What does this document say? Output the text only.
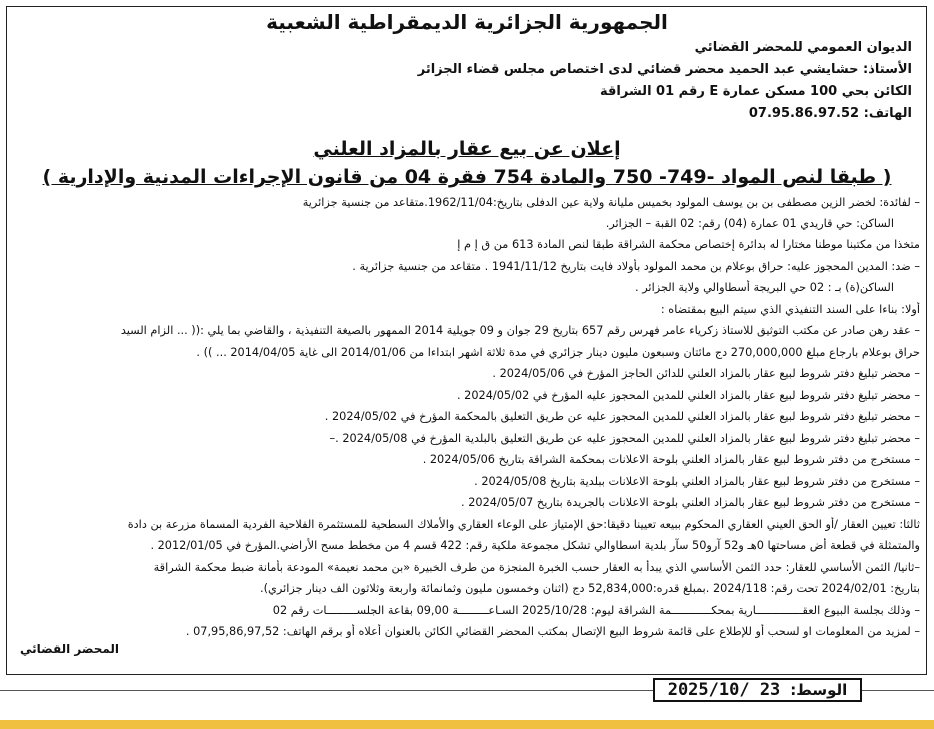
الجمهورية الجزائرية الديمقراطية الشعبية
الديوان العمومي للمحضر القضائي
الأستاذ: حشايشي عبد الحميد محضر قضائي لدى اختصاص مجلس قضاء الجزائر
الكائن بحي 100 مسكن عمارة E رقم 01 الشراقة
الهاتف: 07.95.86.97.52
إعلان عن بيع عقار بالمزاد العلني
( طبقا لنص المواد -749- 750 والمادة 754 فقرة 04 من قانون الإجراءات المدنية والإدارية )
– لفائدة: لخضر الزين مصطفى بن بن يوسف المولود بخميس مليانة ولاية عين الدفلى بتاريخ:1962/11/04.متقاعد من جنسية جزائرية
الساكن: حي قاريدي 01 عمارة (04) رقم: 02 القبة – الجزائر.
متخذا من مكتبنا موطنا مختارا له بدائرة إختصاص محكمة الشراقة طبقا لنص المادة 613 من ق إ م إ
– ضد: المدين المحجوز عليه: حراق بوعلام بن محمد المولود بأولاد فايت بتاريخ 1941/11/12 . متقاعد من جنسية جزائرية .
الساكن(ة) بـ : 02 حي البريجة أسطاوالي ولاية الجزائر .
أولا: بناءا على السند التنفيذي الذي سيتم البيع بمقتضاه :
– عقد رهن صادر عن مكتب التوثيق للاستاذ زكرياء عامر فهرس رقم 657 بتاريخ 29 جوان و 09 جويلية 2014 الممهور بالصيغة التنفيذية ، والقاضي بما يلي :(( ... الزام السيد
حراق بوعلام بارجاع مبلغ 270,000,000 دج مائتان وسبعون مليون دينار جزائري في مدة ثلاثة اشهر ابتداءا من 2014/01/06 الى غاية 2014/04/05 ... )) .
– محضر تبليغ دفتر شروط لبيع عقار بالمزاد العلني للدائن الحاجز المؤرخ في 2024/05/06 .
– محضر تبليغ دفتر شروط لبيع عقار بالمزاد العلني للمدين المحجوز عليه المؤرخ في 2024/05/02 .
– محضر تبليغ دفتر شروط لبيع عقار بالمزاد العلني للمدين المحجوز عليه عن طريق التعليق بالمحكمة المؤرخ في 2024/05/02 .
– محضر تبليغ دفتر شروط لبيع عقار بالمزاد العلني للمدين المحجوز عليه عن طريق التعليق بالبلدية المؤرخ في 2024/05/08 .–
– مستخرج من دفتر شروط لبيع عقار بالمزاد العلني بلوحة الاعلانات بمحكمة الشراقة بتاريخ 2024/05/06 .
– مستخرج من دفتر شروط لبيع عقار بالمزاد العلني بلوحة الاعلانات ببلدية بتاريخ 2024/05/08 .
– مستخرج من دفتر شروط لبيع عقار بالمزاد العلني بلوحة الاعلانات بالجريدة بتاريخ 2024/05/07 .
ثالثا: تعيين العقار /أو الحق العيني العقاري المحكوم ببيعه تعيينا دقيقا:حق الإمتياز على الوعاء العقاري والأملاك السطحية للمستثمرة الفلاحية الفردية المسماة مزرعة بن دادة
والمتمثلة في قطعة أض مساحتها 0هـ و52 آرو50 سآر بلدية اسطاوالي تشكل مجموعة ملكية رقم: 422 قسم 4 من مخطط مسح الأراضي.المؤرخ في 2012/01/05 .
–ثانيا/ الثمن الأساسي للعقار: حدد الثمن الأساسي الذي يبدأ به العقار حسب الخبرة المنجزة من طرف الخبيرة «بن محمد نعيمة» المودعة بأمانة ضبط محكمة الشراقة
بتاريخ: 2024/02/01 تحت رقم: 2024/118 .بمبلغ قدره:52,834,000 دج (اثنان وخمسون مليون وثمانمائة واربعة وثلاثون الف دينار جزائري).
– وذلك بجلسة البيوع العقــــــــــــــارية بمحكــــــــــــمة الشراقة ليوم: 2025/10/28 السـاعـــــــــة 09,00 بقاعة الجلســـــــــات رقم 02
– لمزيد من المعلومات او لسحب أو للإطلاع على قائمة شروط البيع الإتصال بمكتب المحضر القضائي الكائن بالعنوان أعلاه أو برقم الهاتف: 07,95,86,97,52 .
المحضر القضائي
2025/10/ 23 الوسط:
